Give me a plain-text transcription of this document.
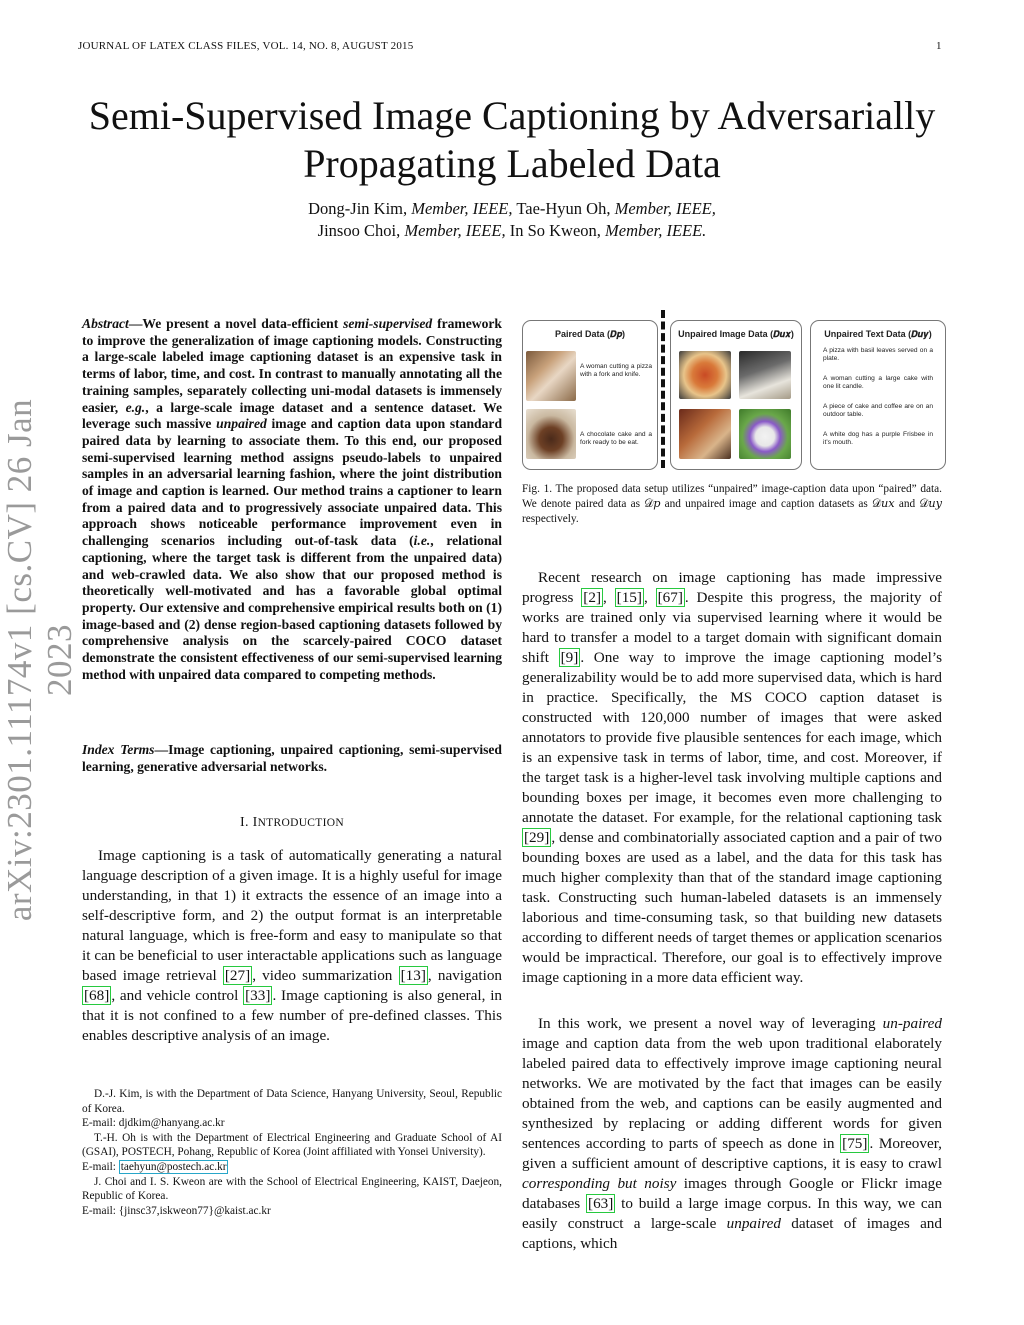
JOURNAL OF LATEX CLASS FILES, VOL. 14, NO. 8, AUGUST 2015	1
arXiv:2301.11174v1 [cs.CV] 26 Jan 2023
Semi-Supervised Image Captioning by Adversarially
Propagating Labeled Data
Dong-Jin Kim, Member, IEEE, Tae-Hyun Oh, Member, IEEE,
Jinsoo Choi, Member, IEEE, In So Kweon, Member, IEEE.
Abstract—We present a novel data-efficient semi-supervised framework to improve the generalization of image captioning models. Constructing a large-scale labeled image captioning dataset is an expensive task in terms of labor, time, and cost. In contrast to manually annotating all the training samples, separately collecting uni-modal datasets is immensely easier, e.g., a large-scale image dataset and a sentence dataset. We leverage such massive unpaired image and caption data upon standard paired data by learning to associate them. To this end, our proposed semi-supervised learning method assigns pseudo-labels to unpaired samples in an adversarial learning fashion, where the joint distribution of image and caption is learned. Our method trains a captioner to learn from a paired data and to progressively associate unpaired data. This approach shows noticeable performance improvement even in challenging scenarios including out-of-task data (i.e., relational captioning, where the target task is different from the unpaired data) and web-crawled data. We also show that our proposed method is theoretically well-motivated and has a favorable global optimal property. Our extensive and comprehensive empirical results both on (1) image-based and (2) dense region-based captioning datasets followed by comprehensive analysis on the scarcely-paired COCO dataset demonstrate the consistent effectiveness of our semi-supervised learning method with unpaired data compared to competing methods.
Index Terms—Image captioning, unpaired captioning, semi-supervised learning, generative adversarial networks.
I. INTRODUCTION

Image captioning is a task of automatically generating a natural language description of a given image. It is a highly useful for image understanding, in that 1) it extracts the essence of an image into a self-descriptive form, and 2) the output format is an interpretable natural language, which is free-form and easy to manipulate so that it can be beneficial to user interactable applications such as language based image retrieval [27] , video summarization [13] , navigation [68] , and vehicle control [33] . Image captioning is also general, in that it is not confined to a few number of pre-defined classes. This enables descriptive analysis of an image.

D.-J. Kim, is with the Department of Data Science, Hanyang University, Seoul, Republic of Korea.
E-mail: djdkim@hanyang.ac.kr
T.-H. Oh is with the Department of Electrical Engineering and Graduate School of AI (GSAI), POSTECH, Pohang, Republic of Korea (Joint affiliated with Yonsei University).
E-mail: taehyun@postech.ac.kr
J. Choi and I. S. Kweon are with the School of Electrical Engineering, KAIST, Daejeon, Republic of Korea.
E-mail: {jinsc37,iskweon77}@kaist.ac.kr
Paired Data (𝑫𝒑)
A woman cutting a pizza with a fork and knife.
A chocolate cake and a fork ready to be eat.
Unpaired Image Data (𝑫𝒖𝒙)	Unpaired Text Data (𝑫𝒖𝒚)
A pizza with basil leaves served on a plate.
A woman cutting a large cake with one lit candle.
A piece of cake and coffee are on an outdoor table.
A white dog has a purple Frisbee in it’s mouth.
Fig. 1. The proposed data setup utilizes “unpaired” image-caption data upon “paired” data. We denote paired data as 𝒟𝑝 and unpaired image and caption datasets as 𝒟𝑢𝑥 and 𝒟𝑢𝑦 respectively.

Recent research on image captioning has made impressive progress [2] , [15] , [67] . Despite this progress, the majority of works are trained only via supervised learning where it would be hard to transfer a model to a target domain with significant domain shift [9] . One way to improve the image captioning model’s generalizability would be to add more supervised data, which is hard in practice. Specifically, the MS COCO caption dataset is constructed with 120,000 number of images that were asked annotators to provide five plausible sentences for each image, which is an expensive task in terms of labor, time, and cost. Moreover, if the target task is a higher-level task involving multiple captions and bounding boxes per image, it becomes even more challenging to annotate the dataset. For example, for the relational captioning task [29] , dense and combinatorially associated caption and a pair of two bounding boxes are used as a label, and the data for this task has much higher complexity than that of the standard image captioning task. Constructing such human-labeled datasets is an immensely laborious and time-consuming task, so that building new datasets according to different needs of target themes or application scenarios would be impractical. Therefore, our goal is to effectively improve image captioning in a more data efficient way.

In this work, we present a novel way of leveraging un-paired image and caption data from the web upon traditional elaborately labeled paired data to effectively improve image captioning neural networks. We are motivated by the fact that images can be easily obtained from the web, and captions can be easily augmented and synthesized by replacing or adding different words for given sentences according to parts of speech as done in [75] . Moreover, given a sufficient amount of descriptive captions, it is easy to crawl corresponding but noisy images through Google or Flickr image databases [63] to build a large image corpus. In this way, we can easily construct a large-scale unpaired dataset of images and captions, which
